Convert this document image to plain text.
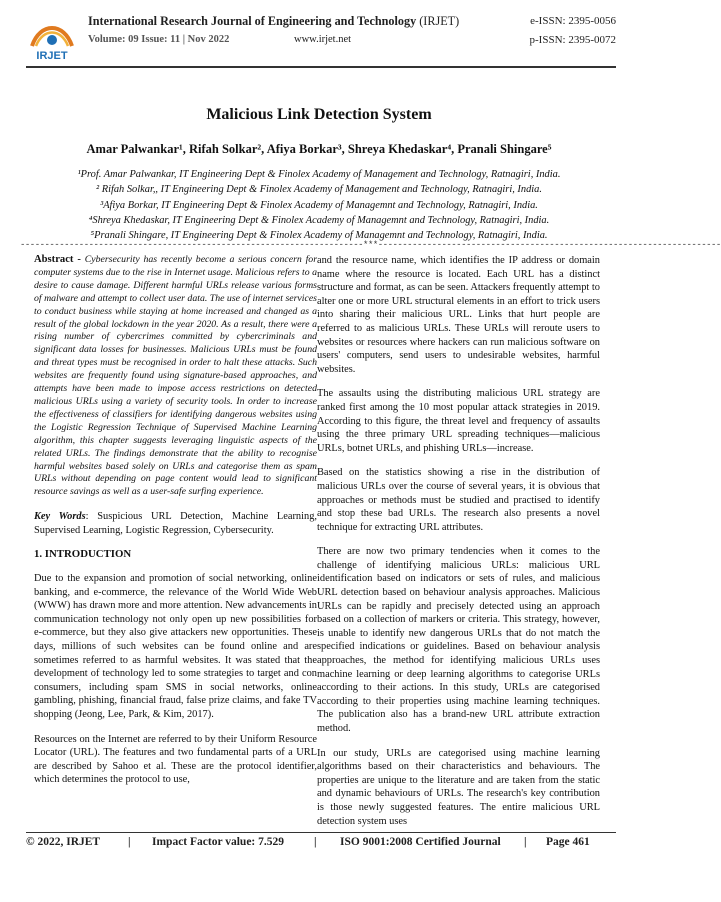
IRJET
International Research Journal of Engineering and Technology (IRJET)	e-ISSN: 2395-0056
Volume: 09 Issue: 11 | Nov 2022	www.irjet.net	p-ISSN: 2395-0072
Malicious Link Detection System
Amar Palwankar¹, Rifah Solkar², Afiya Borkar³, Shreya Khedaskar⁴, Pranali Shingare⁵
¹Prof. Amar Palwankar, IT Engineering Dept & Finolex Academy of Management and Technology, Ratnagiri, India.
² Rifah Solkar,, IT Engineering Dept & Finolex Academy of Management and Technology, Ratnagiri, India.
³Afiya Borkar, IT Engineering Dept & Finolex Academy of Managemnt and Technology, Ratnagiri, India.
⁴Shreya Khedaskar, IT Engineering Dept & Finolex Academy of Managemnt and Technology, Ratnagiri, India.
⁵Pranali Shingare, IT Engineering Dept & Finolex Academy of Managemnt and Technology, Ratnagiri, India.
----------------------------------------------------------------------***----------------------------------------------------------------------

Abstract - Cybersecurity has recently become a serious concern for computer systems due to the rise in Internet usage. Malicious refers to a desire to cause damage. Different harmful URLs release various forms of malware and attempt to collect user data. The use of internet services to conduct business while staying at home increased and changed as a result of the global lockdown in the year 2020. As a result, there were a rising number of cybercrimes committed by cybercriminals and significant data losses for businesses. Malicious URLs must be found and threat types must be recognised in order to halt these attacks. Such websites are frequently found using signature-based approaches, and attempts have been made to impose access restrictions on detected malicious URLs using a variety of security tools. In order to increase the effectiveness of classifiers for identifying dangerous websites using the Logistic Regression Technique of Supervised Machine Learning algorithm, this chapter suggests leveraging linguistic aspects of the related URLs. The findings demonstrate that the ability to recognise harmful websites based solely on URLs and categorise them as spam URLs without depending on page content would lead to significant resource savings as well as a user-safe surfing experience.

Key Words: Suspicious URL Detection, Machine Learning, Supervised Learning, Logistic Regression, Cybersecurity.

1. INTRODUCTION

Due to the expansion and promotion of social networking, online banking, and e-commerce, the relevance of the World Wide Web (WWW) has drawn more and more attention. New advancements in communication technology not only open up new possibilities for e-commerce, but they also give attackers new opportunities. These days, millions of such websites can be found online and are sometimes referred to as harmful websites. It was stated that the development of technology led to some strategies to target and con consumers, including spam SMS in social networks, online gambling, phishing, financial fraud, false prize claims, and fake TV shopping (Jeong, Lee, Park, & Kim, 2017).

Resources on the Internet are referred to by their Uniform Resource Locator (URL). The features and two fundamental parts of a URL are described by Sahoo et al. These are the protocol identifier, which determines the protocol to use,

and the resource name, which identifies the IP address or domain name where the resource is located. Each URL has a distinct structure and format, as can be seen. Attackers frequently attempt to alter one or more URL structural elements in an effort to trick users into sharing their malicious URL. Links that hurt people are referred to as malicious URLs. These URLs will reroute users to websites or resources where hackers can run malicious software on users' computers, send users to undesirable websites, harmful websites.

The assaults using the distributing malicious URL strategy are ranked first among the 10 most popular attack strategies in 2019. According to this figure, the threat level and frequency of assaults using the three primary URL spreading techniques—malicious URLs, botnet URLs, and phishing URLs—increase.

Based on the statistics showing a rise in the distribution of malicious URLs over the course of several years, it is obvious that approaches or methods must be studied and practised to identify and stop these bad URLs. The research also presents a novel technique for extracting URL attributes.

There are now two primary tendencies when it comes to the challenge of identifying malicious URLs: malicious URL identification based on indicators or sets of rules, and malicious URL detection based on behaviour analysis approaches. Malicious URLs can be rapidly and precisely detected using an approach based on a collection of markers or criteria. This strategy, however, is unable to identify new dangerous URLs that do not match the specified indications or guidelines. Based on behaviour analysis approaches, the method for identifying malicious URLs uses machine learning or deep learning algorithms to categorise URLs according to their actions. In this study, URLs are categorised according to their properties using machine learning techniques. The publication also has a brand-new URL attribute extraction method.

In our study, URLs are categorised using machine learning algorithms based on their characteristics and behaviours. The properties are unique to the literature and are taken from the static and dynamic behaviours of URLs. The research's key contribution is those newly suggested features. The entire malicious URL detection system uses

© 2022, IRJET | Impact Factor value: 7.529	| ISO 9001:2008 Certified Journal | Page 461
